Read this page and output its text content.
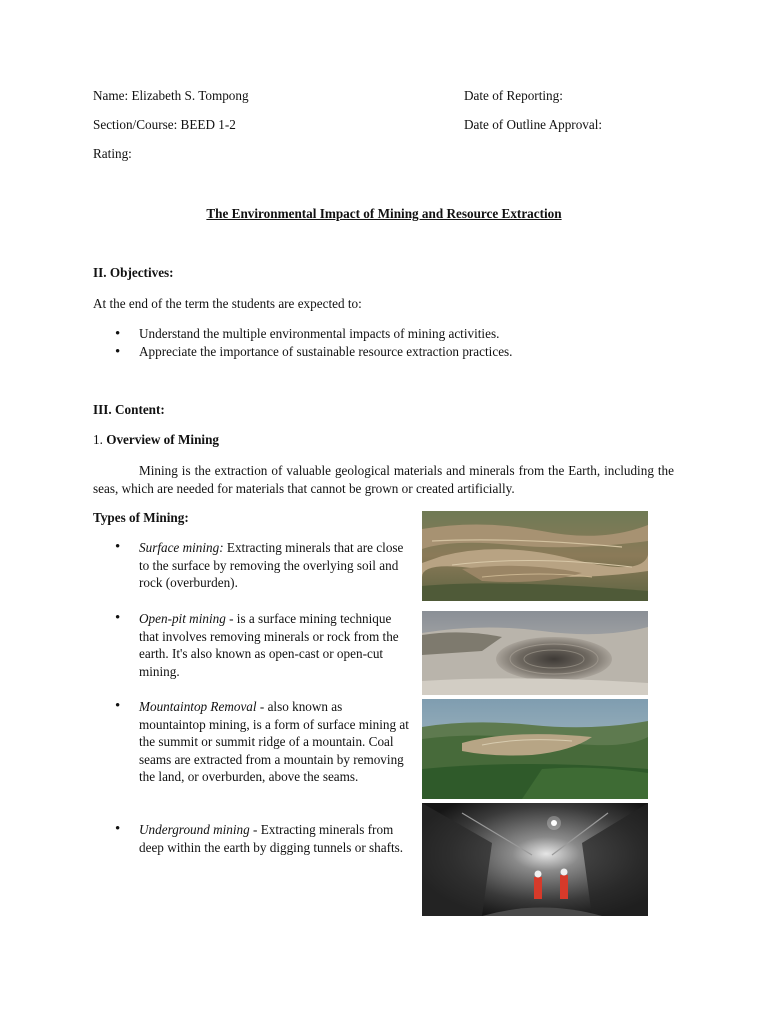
Name: Elizabeth S. Tompong
Section/Course: BEED 1-2
Rating:
Date of Reporting:
Date of Outline Approval:
The Environmental Impact of Mining and Resource Extraction
II. Objectives:
At the end of the term the students are expected to:
• Understand the multiple environmental impacts of mining activities.
• Appreciate the importance of sustainable resource extraction practices.
III. Content:
1. Overview of Mining
Mining is the extraction of valuable geological materials and minerals from the Earth, including the seas, which are needed for materials that cannot be grown or created artificially.
Types of Mining:
• Surface mining: Extracting minerals that are close to the surface by removing the overlying soil and rock (overburden).
• Open-pit mining - is a surface mining technique that involves removing minerals or rock from the earth. It's also known as open-cast or open-cut mining.
• Mountaintop Removal - also known as mountaintop mining, is a form of surface mining at the summit or summit ridge of a mountain. Coal seams are extracted from a mountain by removing the land, or overburden, above the seams.
• Underground mining - Extracting minerals from deep within the earth by digging tunnels or shafts.
